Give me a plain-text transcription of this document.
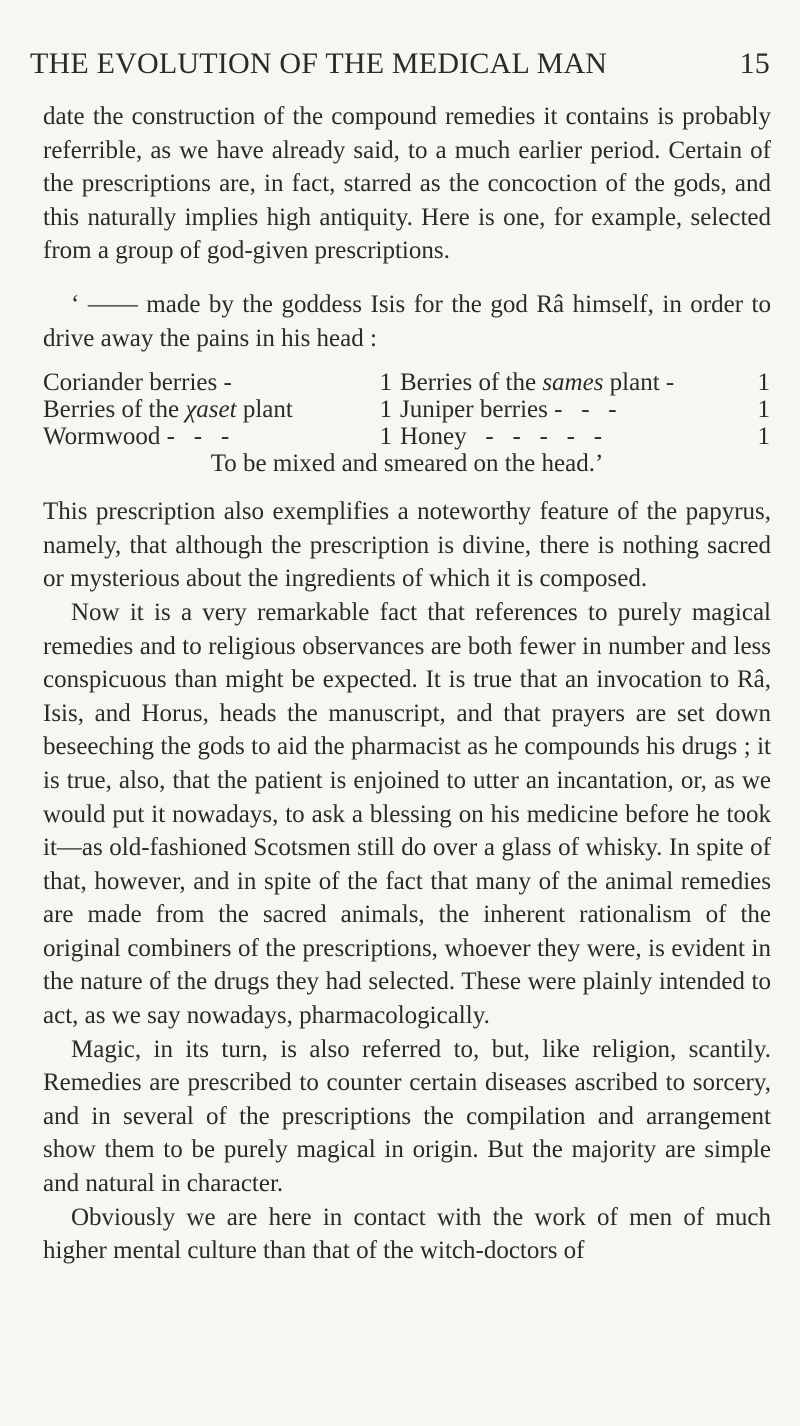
THE EVOLUTION OF THE MEDICAL MAN	15

date the construction of the compound remedies it contains is probably referrible, as we have already said, to a much earlier period. Certain of the prescriptions are, in fact, starred as the concoction of the gods, and this naturally implies high antiquity. Here is one, for example, selected from a group of god-given prescriptions.

‘ —— made by the goddess Isis for the god Râ himself, in order to drive away the pains in his head :

Coriander berries -	1 Berries of the sames plant -	1
Berries of the χaset plant	1 Juniper berries -   -   -	1
Wormwood -   -   -	1 Honey   -   -   -   -   -	1

To be mixed and smeared on the head.’

This prescription also exemplifies a noteworthy feature of the papyrus, namely, that although the prescription is divine, there is nothing sacred or mysterious about the ingredients of which it is composed.

Now it is a very remarkable fact that references to purely magical remedies and to religious observances are both fewer in number and less conspicuous than might be expected. It is true that an invocation to Râ, Isis, and Horus, heads the manuscript, and that prayers are set down beseeching the gods to aid the pharmacist as he compounds his drugs ; it is true, also, that the patient is enjoined to utter an incantation, or, as we would put it nowadays, to ask a blessing on his medicine before he took it—as old-fashioned Scotsmen still do over a glass of whisky. In spite of that, however, and in spite of the fact that many of the animal remedies are made from the sacred animals, the inherent rationalism of the original combiners of the prescriptions, whoever they were, is evident in the nature of the drugs they had selected. These were plainly intended to act, as we say nowadays, pharmacologically.

Magic, in its turn, is also referred to, but, like religion, scantily. Remedies are prescribed to counter certain diseases ascribed to sorcery, and in several of the prescriptions the compilation and arrangement show them to be purely magical in origin. But the majority are simple and natural in character.

Obviously we are here in contact with the work of men of much higher mental culture than that of the witch-doctors of
